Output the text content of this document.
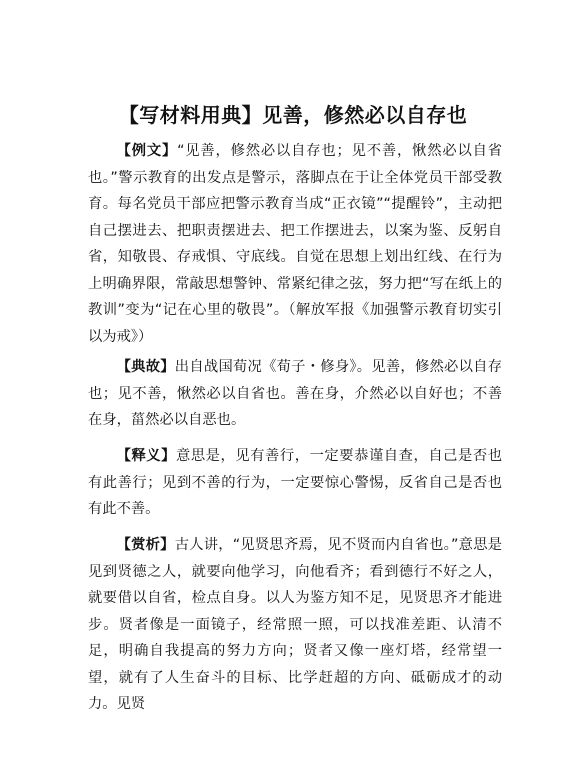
【写材料用典】见善，修然必以自存也

【例文】“见善，修然必以自存也；见不善，愀然必以自省也。”警示教育的出发点是警示，落脚点在于让全体党员干部受教育。每名党员干部应把警示教育当成“正衣镜”“提醒铃”，主动把自己摆进去、把职责摆进去、把工作摆进去，以案为鉴、反躬自省，知敬畏、存戒惧、守底线。自觉在思想上划出红线、在行为上明确界限，常敲思想警钟、常紧纪律之弦，努力把“写在纸上的教训”变为“记在心里的敬畏”。（解放军报《加强警示教育切实引以为戒》）

【典故】出自战国荀况《荀子・修身》。见善，修然必以自存也；见不善，愀然必以自省也。善在身，介然必以自好也；不善在身，菑然必以自恶也。

【释义】意思是，见有善行，一定要恭谨自查，自己是否也有此善行；见到不善的行为，一定要惊心警惕，反省自己是否也有此不善。

【赏析】古人讲，“见贤思齐焉，见不贤而内自省也。”意思是见到贤德之人，就要向他学习，向他看齐；看到德行不好之人，就要借以自省，检点自身。以人为鉴方知不足，见贤思齐才能进步。贤者像是一面镜子，经常照一照，可以找准差距、认清不足，明确自我提高的努力方向；贤者又像一座灯塔，经常望一望，就有了人生奋斗的目标、比学赶超的方向、砥砺成才的动力。见贤
